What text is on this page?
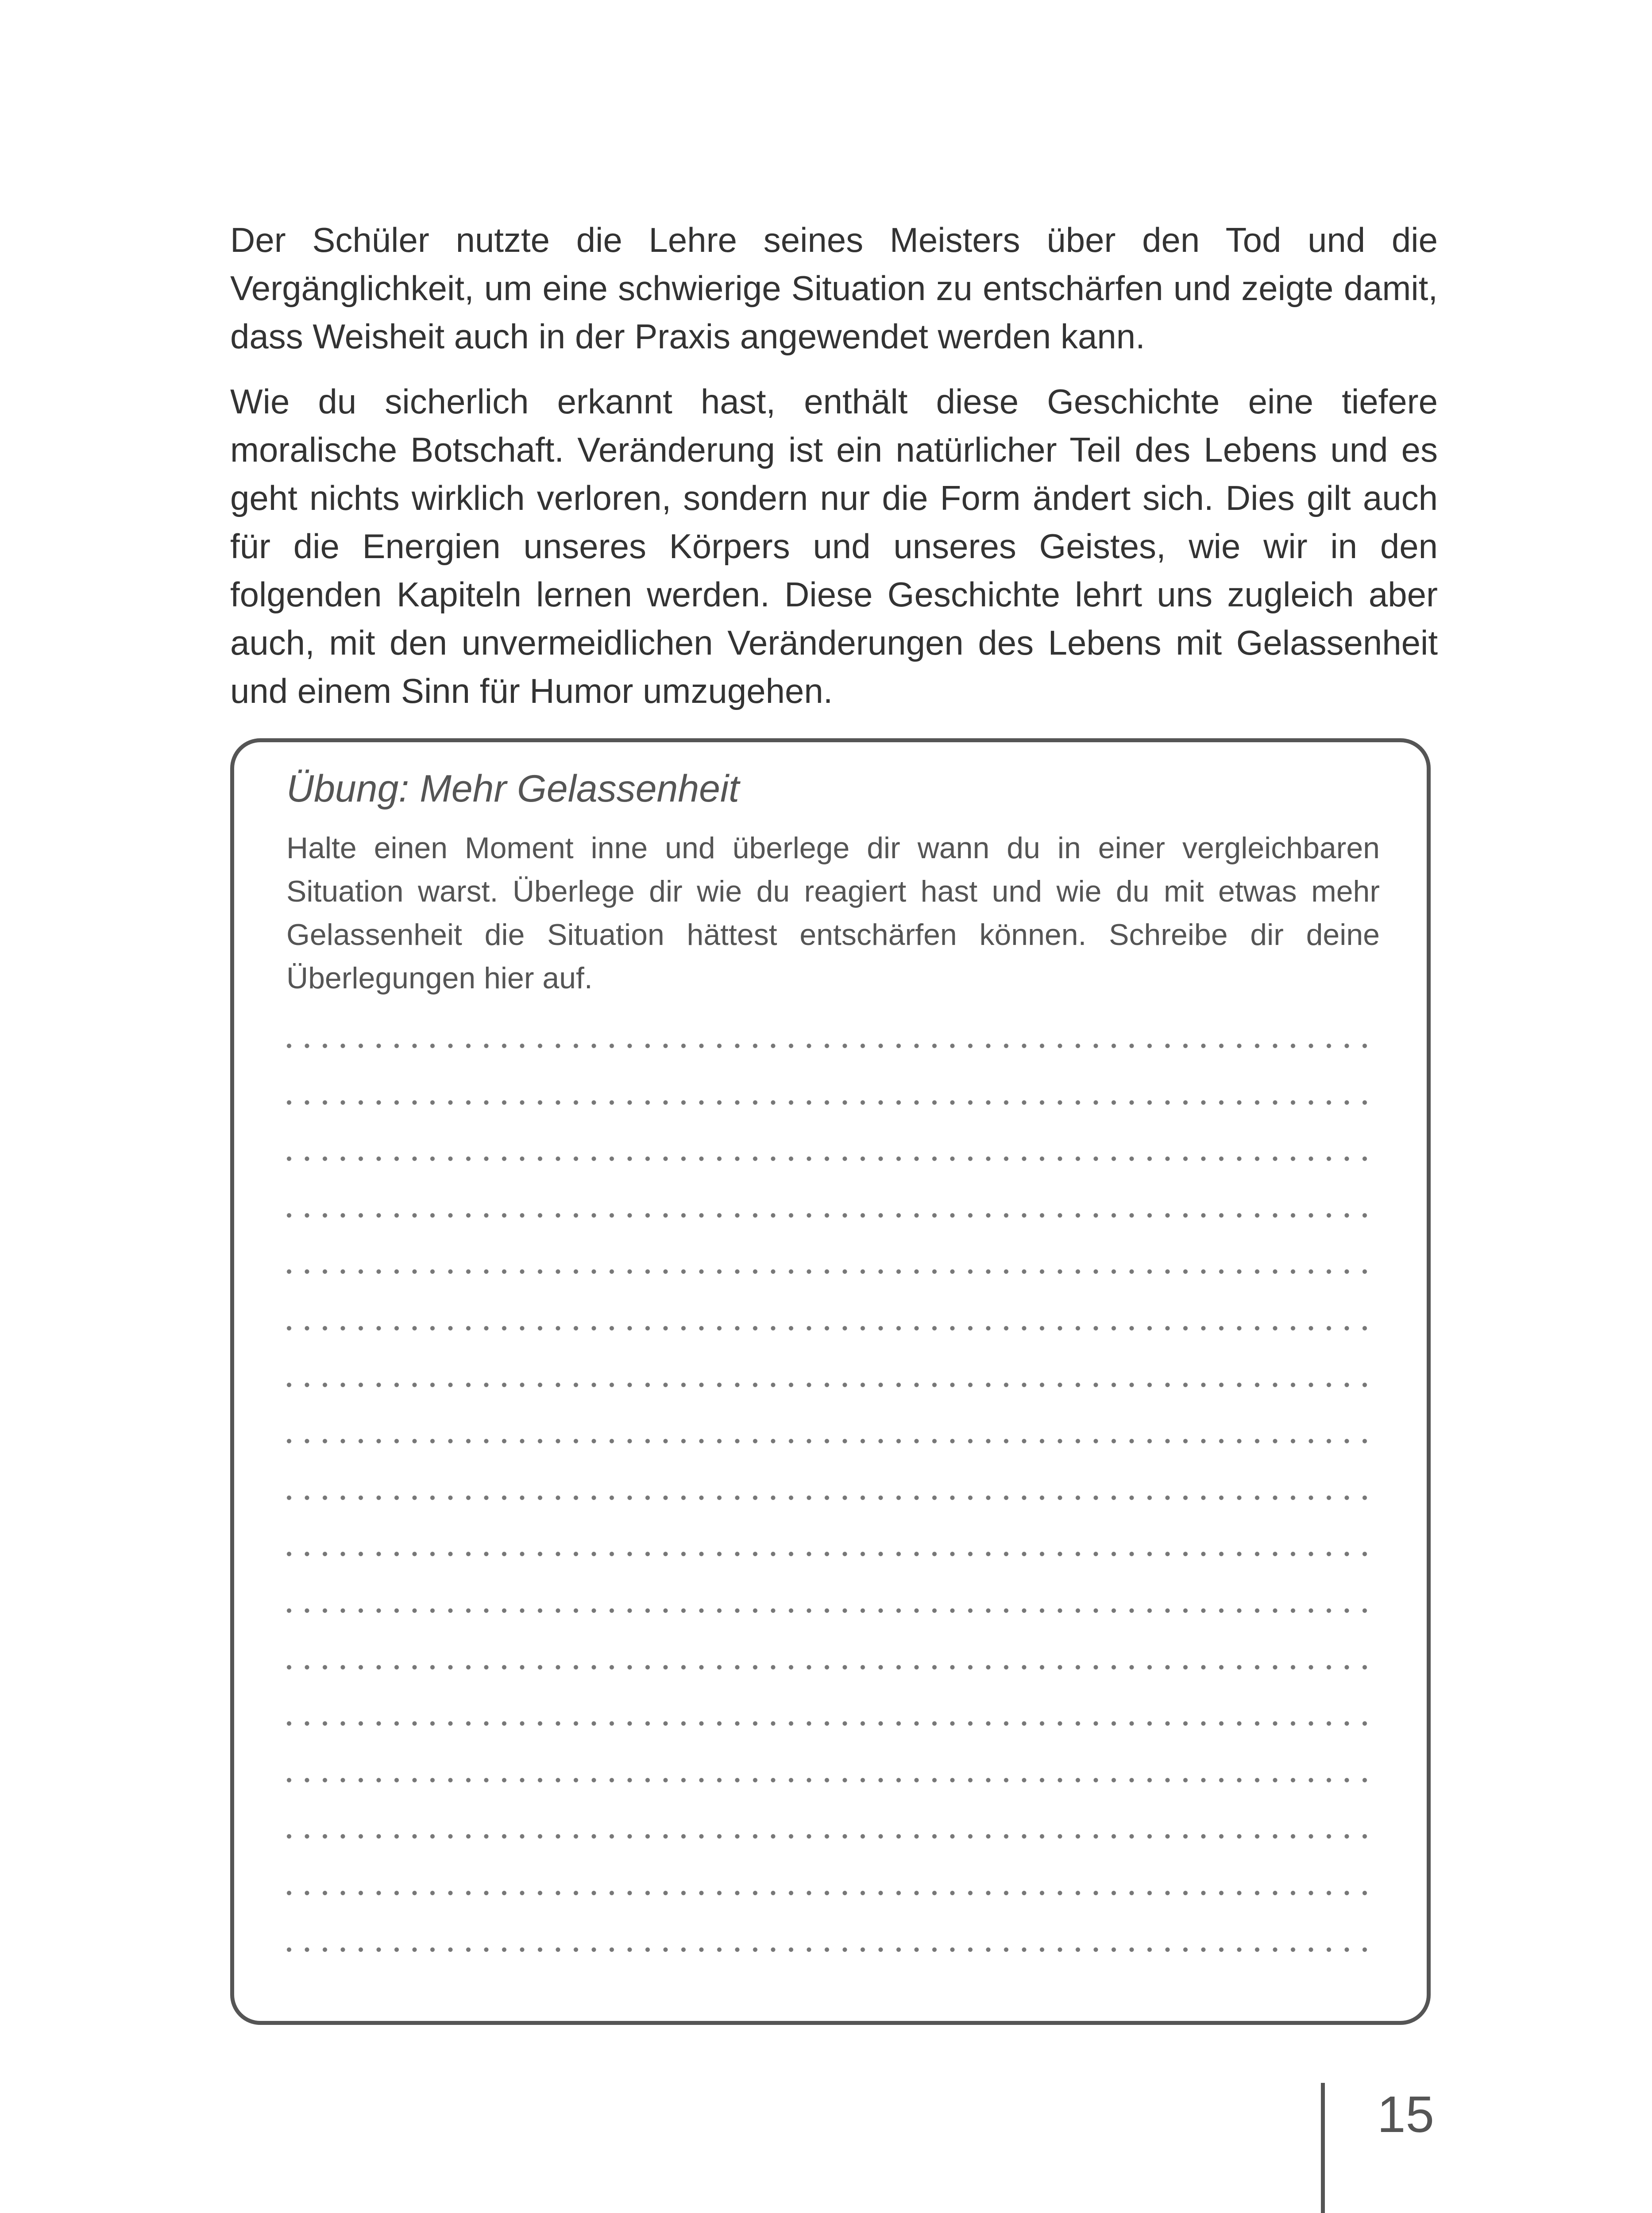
Der Schüler nutzte die Lehre seines Meisters über den Tod und die Vergänglichkeit, um eine schwierige Situation zu entschärfen und zeigte damit, dass Weisheit auch in der Praxis angewendet werden kann.

Wie du sicherlich erkannt hast, enthält diese Geschichte eine tiefere moralische Botschaft. Veränderung ist ein natürlicher Teil des Lebens und es geht nichts wirklich verloren, sondern nur die Form ändert sich. Dies gilt auch für die Energien unseres Körpers und unseres Geistes, wie wir in den folgenden Kapiteln lernen werden. Diese Geschichte lehrt uns zugleich aber auch, mit den unvermeidlichen Veränderungen des Lebens mit Gelassenheit und einem Sinn für Humor umzugehen.

Übung: Mehr Gelassenheit

Halte einen Moment inne und überlege dir wann du in einer vergleichbaren Situation warst. Überlege dir wie du reagiert hast und wie du mit etwas mehr Gelassenheit die Situation hättest entschärfen können. Schreibe dir deine Überlegungen hier auf.

15
